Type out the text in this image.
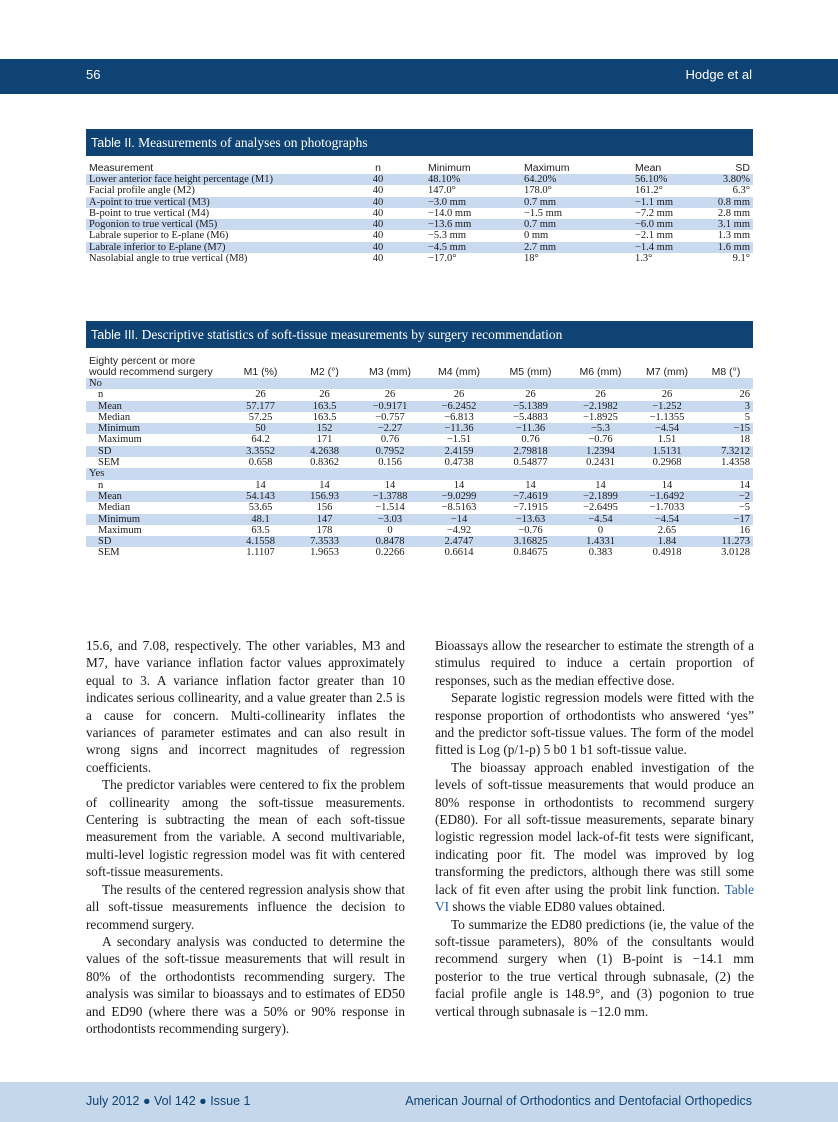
56	Hodge et al
Table II. Measurements of analyses on photographs
Measurement	n	Minimum	Maximum	Mean	SD
Lower anterior face height percentage (M1)	40	48.10%	64.20%	56.10%	3.80%
Facial profile angle (M2)	40	147.0°	178.0°	161.2°	6.3°
A-point to true vertical (M3)	40	−3.0 mm	0.7 mm	−1.1 mm	0.8 mm
B-point to true vertical (M4)	40	−14.0 mm	−1.5 mm	−7.2 mm	2.8 mm
Pogonion to true vertical (M5)	40	−13.6 mm	0.7 mm	−6.0 mm	3.1 mm
Labrale superior to E-plane (M6)	40	−5.3 mm	0 mm	−2.1 mm	1.3 mm
Labrale inferior to E-plane (M7)	40	−4.5 mm	2.7 mm	−1.4 mm	1.6 mm
Nasolabial angle to true vertical (M8)	40	−17.0°	18°	1.3°	9.1°
Table III. Descriptive statistics of soft-tissue measurements by surgery recommendation
Eighty percent or more
would recommend surgery	M1 (%)	M2 (°)	M3 (mm)	M4 (mm)	M5 (mm)	M6 (mm)	M7 (mm)	M8 (°)
No								
n	26	26	26	26	26	26	26	26
Mean	57.177	163.5	−0.9171	−6.2452	−5.1389	−2.1982	−1.252	3
Median	57.25	163.5	−0.757	−6.813	−5.4883	−1.8925	−1.1355	5
Minimum	50	152	−2.27	−11.36	−11.36	−5.3	−4.54	−15
Maximum	64.2	171	0.76	−1.51	0.76	−0.76	1.51	18
SD	3.3552	4.2638	0.7952	2.4159	2.79818	1.2394	1.5131	7.3212
SEM	0.658	0.8362	0.156	0.4738	0.54877	0.2431	0.2968	1.4358
Yes								
n	14	14	14	14	14	14	14	14
Mean	54.143	156.93	−1.3788	−9.0299	−7.4619	−2.1899	−1.6492	−2
Median	53.65	156	−1.514	−8.5163	−7.1915	−2.6495	−1.7033	−5
Minimum	48.1	147	−3.03	−14	−13.63	−4.54	−4.54	−17
Maximum	63.5	178	0	−4.92	−0.76	0	2.65	16
SD	4.1558	7.3533	0.8478	2.4747	3.16825	1.4331	1.84	11.273
SEM	1.1107	1.9653	0.2266	0.6614	0.84675	0.383	0.4918	3.0128

15.6, and 7.08, respectively. The other variables, M3 and M7, have variance inflation factor values approximately equal to 3. A variance inflation factor greater than 10 indicates serious collinearity, and a value greater than 2.5 is a cause for concern. Multi-collinearity inflates the variances of parameter estimates and can also result in wrong signs and incorrect magnitudes of regression coefficients.

The predictor variables were centered to fix the problem of collinearity among the soft-tissue measurements. Centering is subtracting the mean of each soft-tissue measurement from the variable. A second multivariable, multi-level logistic regression model was fit with centered soft-tissue measurements.

The results of the centered regression analysis show that all soft-tissue measurements influence the decision to recommend surgery.

A secondary analysis was conducted to determine the values of the soft-tissue measurements that will result in 80% of the orthodontists recommending surgery. The analysis was similar to bioassays and to estimates of ED50 and ED90 (where there was a 50% or 90% response in orthodontists recommending surgery).

Bioassays allow the researcher to estimate the strength of a stimulus required to induce a certain proportion of responses, such as the median effective dose.

Separate logistic regression models were fitted with the response proportion of orthodontists who answered ‘yes” and the predictor soft-tissue values. The form of the model fitted is Log (p/1-p) 5 b0 1 b1 soft-tissue value.

The bioassay approach enabled investigation of the levels of soft-tissue measurements that would produce an 80% response in orthodontists to recommend surgery (ED80). For all soft-tissue measurements, separate binary logistic regression model lack-of-fit tests were significant, indicating poor fit. The model was improved by log transforming the predictors, although there was still some lack of fit even after using the probit link function. Table VI shows the viable ED80 values obtained.

To summarize the ED80 predictions (ie, the value of the soft-tissue parameters), 80% of the consultants would recommend surgery when (1) B-point is −14.1 mm posterior to the true vertical through subnasale, (2) the facial profile angle is 148.9°, and (3) pogonion to true vertical through subnasale is −12.0 mm.

July 2012 ● Vol 142 ● Issue 1	American Journal of Orthodontics and Dentofacial Orthopedics
